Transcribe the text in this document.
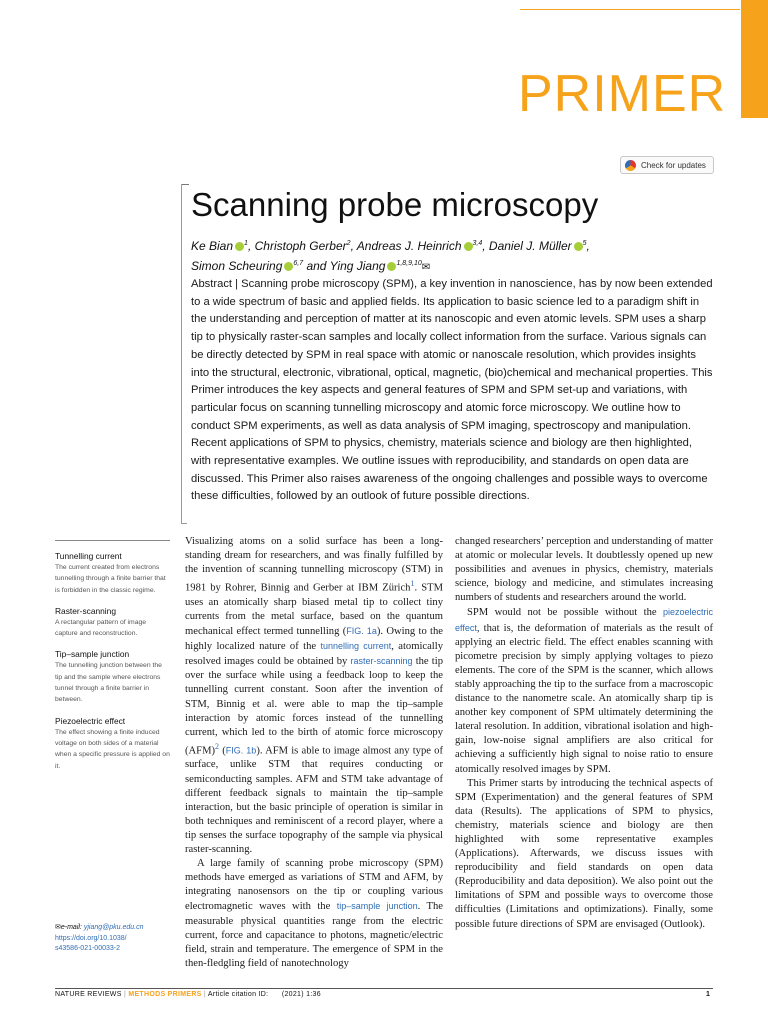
PRIMER
Check for updates
Scanning probe microscopy
Ke Bian $^1$, Christoph Gerber$^2$, Andreas J. Heinrich $^{3,4}$, Daniel J. Müller $^5$,
Simon Scheuring $^{6,7}$ and Ying Jiang $^{1,8,9,10}$✉
Abstract | Scanning probe microscopy (SPM), a key invention in nanoscience, has by now been extended to a wide spectrum of basic and applied fields. Its application to basic science led to a paradigm shift in the understanding and perception of matter at its nanoscopic and even atomic levels. SPM uses a sharp tip to physically raster-scan samples and locally collect information from the surface. Various signals can be directly detected by SPM in real space with atomic or nanoscale resolution, which provides insights into the structural, electronic, vibrational, optical, magnetic, (bio)chemical and mechanical properties. This Primer introduces the key aspects and general features of SPM and SPM set-up and variations, with particular focus on scanning tunnelling microscopy and atomic force microscopy. We outline how to conduct SPM experiments, as well as data analysis of SPM imaging, spectroscopy and manipulation. Recent applications of SPM to physics, chemistry, materials science and biology are then highlighted, with representative examples. We outline issues with reproducibility, and standards on open data are discussed. This Primer also raises awareness of the ongoing challenges and possible ways to overcome these difficulties, followed by an outlook of future possible directions.
Tunnelling current
The current created from electrons tunnelling through a finite barrier that is forbidden in the classic regime.
Raster-scanning
A rectangular pattern of image capture and reconstruction.
Tip–sample junction
The tunnelling junction between the tip and the sample where electrons tunnel through a finite barrier in between.
Piezoelectric effect
The effect showing a finite induced voltage on both sides of a material when a specific pressure is applied on it.
✉e-mail: yjiang@pku.edu.cn
https://doi.org/10.1038/
s43586-021-00033-2

Visualizing atoms on a solid surface has been a long-standing dream for researchers, and was finally fulfilled by the invention of scanning tunnelling microscopy (STM) in 1981 by Rohrer, Binnig and Gerber at IBM Zürich$^1$. STM uses an atomically sharp biased metal tip to collect tiny currents from the metal surface, based on the quantum mechanical effect termed tunnelling (FIG. 1a). Owing to the highly localized nature of the tunnelling current, atomically resolved images could be obtained by raster-scanning the tip over the surface while using a feedback loop to keep the tunnelling current constant. Soon after the invention of STM, Binnig et al. were able to map the tip–sample interaction by atomic forces instead of the tunnelling current, which led to the birth of atomic force microscopy (AFM)$^2$ (FIG. 1b). AFM is able to image almost any type of surface, unlike STM that requires conducting or semiconducting samples. AFM and STM take advantage of different feedback signals to maintain the tip–sample interaction, but the basic principle of operation is similar in both techniques and reminiscent of a record player, where a tip senses the surface topography of the sample via physical raster-scanning.

A large family of scanning probe microscopy (SPM) methods have emerged as variations of STM and AFM, by integrating nanosensors on the tip or coupling various electromagnetic waves with the tip–sample junction. The measurable physical quantities range from the electric current, force and capacitance to photons, magnetic/electric field, strain and temperature. The emergence of SPM in the then-fledgling field of nanotechnology

changed researchers’ perception and understanding of matter at atomic or molecular levels. It doubtlessly opened up new possibilities and avenues in physics, chemistry, materials science, biology and medicine, and stimulates increasing numbers of students and researchers around the world.

SPM would not be possible without the piezoelectric effect, that is, the deformation of materials as the result of applying an electric field. The effect enables scanning with picometre precision by simply applying voltages to piezo elements. The core of the SPM is the scanner, which allows stably approaching the tip to the surface from a macroscopic distance to the nanometre scale. An atomically sharp tip is another key component of SPM ultimately determining the lateral resolution. In addition, vibrational isolation and high-gain, low-noise signal amplifiers are also critical for achieving a sufficiently high signal to noise ratio to ensure atomically resolved images by SPM.

This Primer starts by introducing the technical aspects of SPM (Experimentation) and the general features of SPM data (Results). The applications of SPM to physics, chemistry, materials science and biology are then highlighted with some representative examples (Applications). Afterwards, we discuss issues with reproducibility and field standards on open data (Reproducibility and data deposition). We also point out the limitations of SPM and possible ways to overcome those difficulties (Limitations and optimizations). Finally, some possible future directions of SPM are envisaged (Outlook).

NATURE REVIEWS | METHODS PRIMERS | Article citation ID: (2021) 1:36	1
